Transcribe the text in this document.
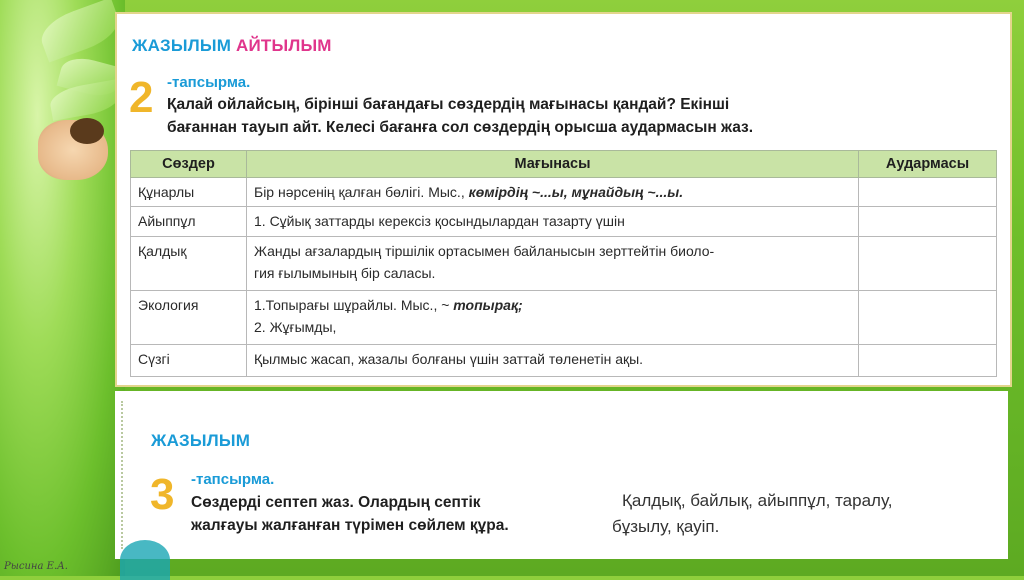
ЖАЗЫЛЫМ АЙТЫЛЫМ
2 -тапсырма.
Қалай ойлайсың, бірінші бағандағы сөздердің мағынасы қандай? Екінші
бағаннан тауып айт. Келесі бағанға сол сөздердің орысша аудармасын жаз.
Сөздер	Мағынасы	Аудармасы
Құнарлы	Бір нәрсенің қалған бөлігі. Мыс., көмірдің ~...ы, мұнайдың ~...ы.	
Айыппұл	1. Сұйық заттарды керексіз қосындылардан тазарту үшін	
Қалдық	Жанды ағзалардың тіршілік ортасымен байланысын зерттейтін биоло-
гия ғылымының бір саласы.	

Экология	1.Топырағы шұрайлы. Мыс., ~ топырақ;
2. Жұғымды,	

Сүзгі	Қылмыс жасап, жазалы болғаны үшін заттай төленетін ақы.	
ЖАЗЫЛЫМ
3 -тапсырма.
Сөздерді септеп жаз. Олардың септік
жалғауы жалғанған түрімен сөйлем құра.
Қалдық, байлық, айыппұл, таралу,
бұзылу, қауіп.
Рысина Е.А.
